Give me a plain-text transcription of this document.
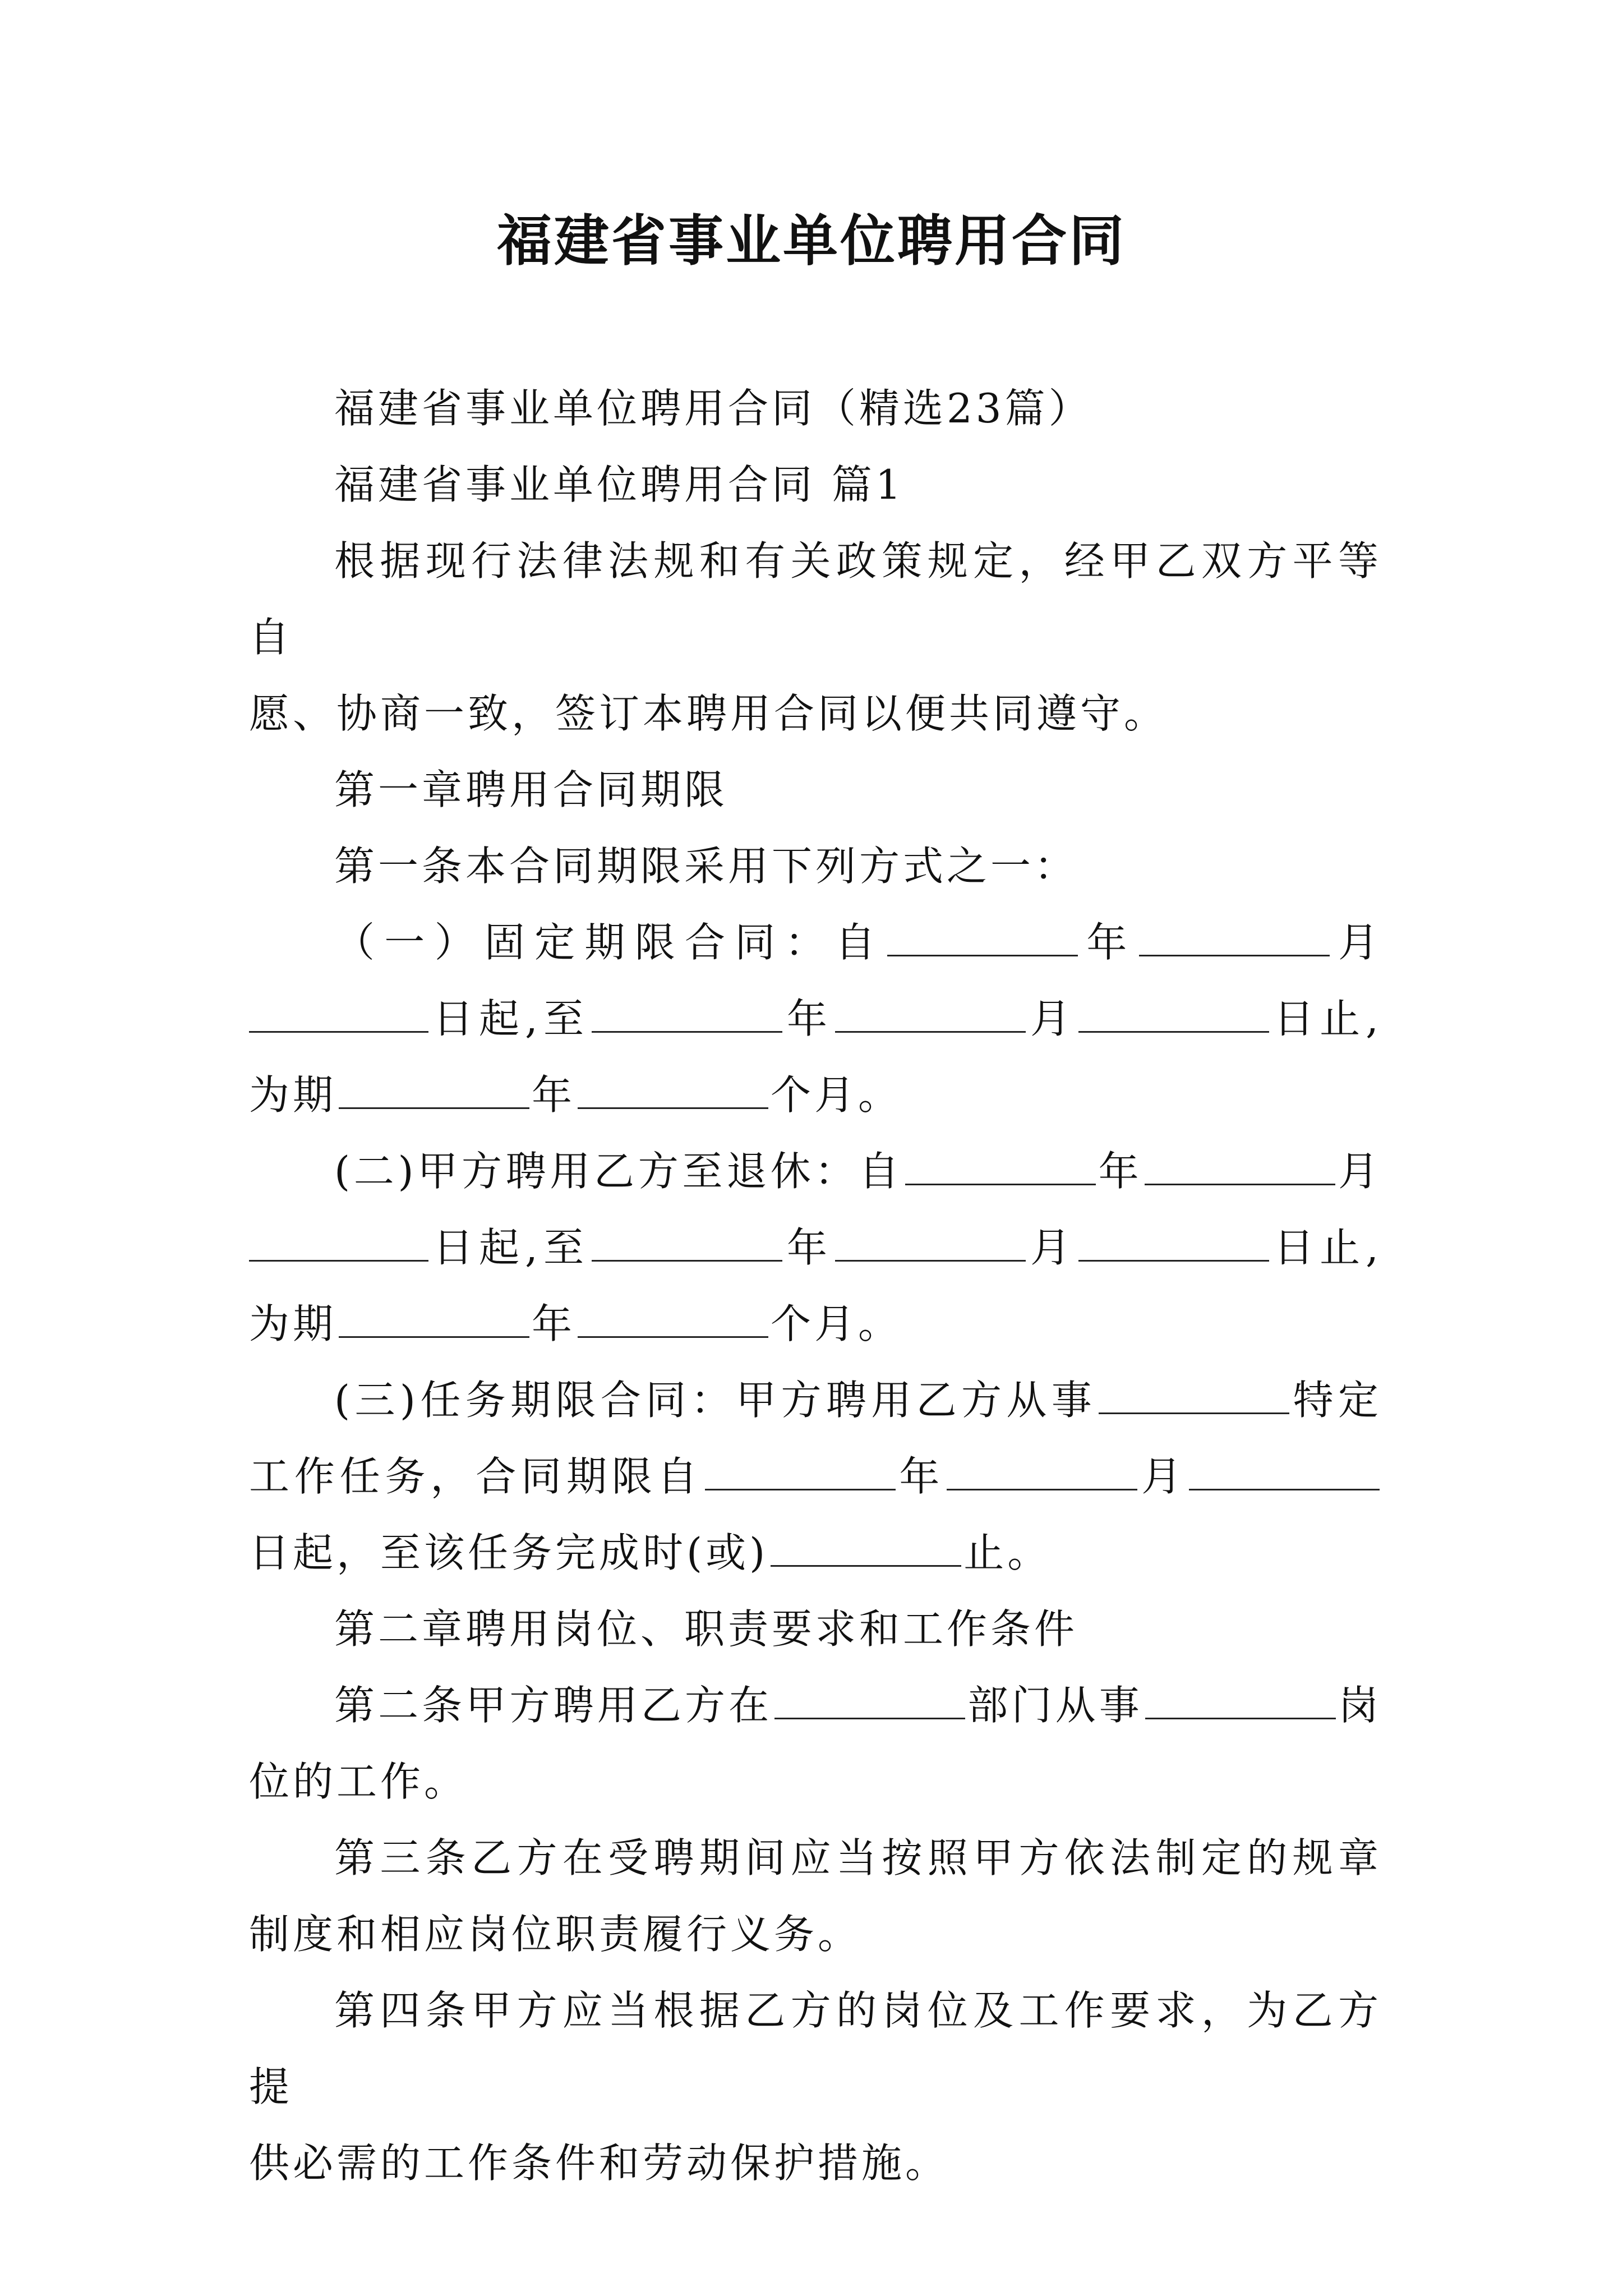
福建省事业单位聘用合同

福建省事业单位聘用合同（精选23篇）

福建省事业单位聘用合同 篇1

根据现行法律法规和有关政策规定，经甲乙双方平等自

愿、协商一致，签订本聘用合同以便共同遵守。

第一章聘用合同期限

第一条本合同期限采用下列方式之一：

（一）固定期限合同：自	年	月

日起,至	年	月	日止,

为期	年	个月。

(二)甲方聘用乙方至退休：自	年	月

日起,至	年	月	日止,

为期	年	个月。

(三)任务期限合同：甲方聘用乙方从事	特定

工作任务，合同期限自	年	月

日起，至该任务完成时(或)	止。

第二章聘用岗位、职责要求和工作条件

第二条甲方聘用乙方在	部门从事	岗

位的工作。

第三条乙方在受聘期间应当按照甲方依法制定的规章

制度和相应岗位职责履行义务。

第四条甲方应当根据乙方的岗位及工作要求，为乙方提

供必需的工作条件和劳动保护措施。
